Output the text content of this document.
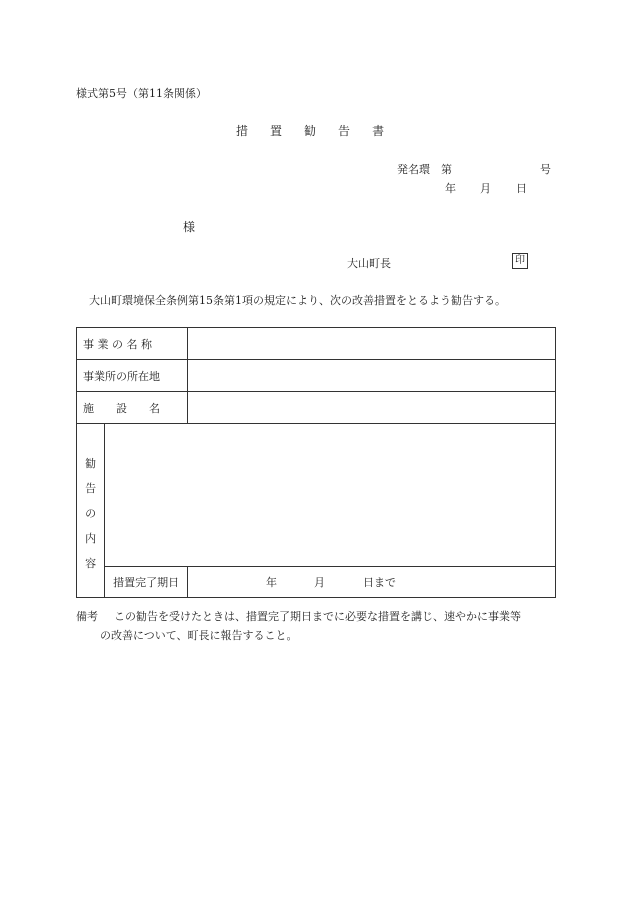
様式第5号（第11条関係）
措 置 勧 告 書
発名環 第	号
年 月 日
様
大山町長	印
大山町環境保全条例第15条第1項の規定により、次の改善措置をとるよう勧告する。
事 業 の 名 称		
事業所の所在地		
施　　設　　名		

勧
告
の
内
容		

	措置完了期日	年 月 日まで
備考 この勧告を受けたときは、措置完了期日までに必要な措置を講じ、速やかに事業等
の改善について、町長に報告すること。
